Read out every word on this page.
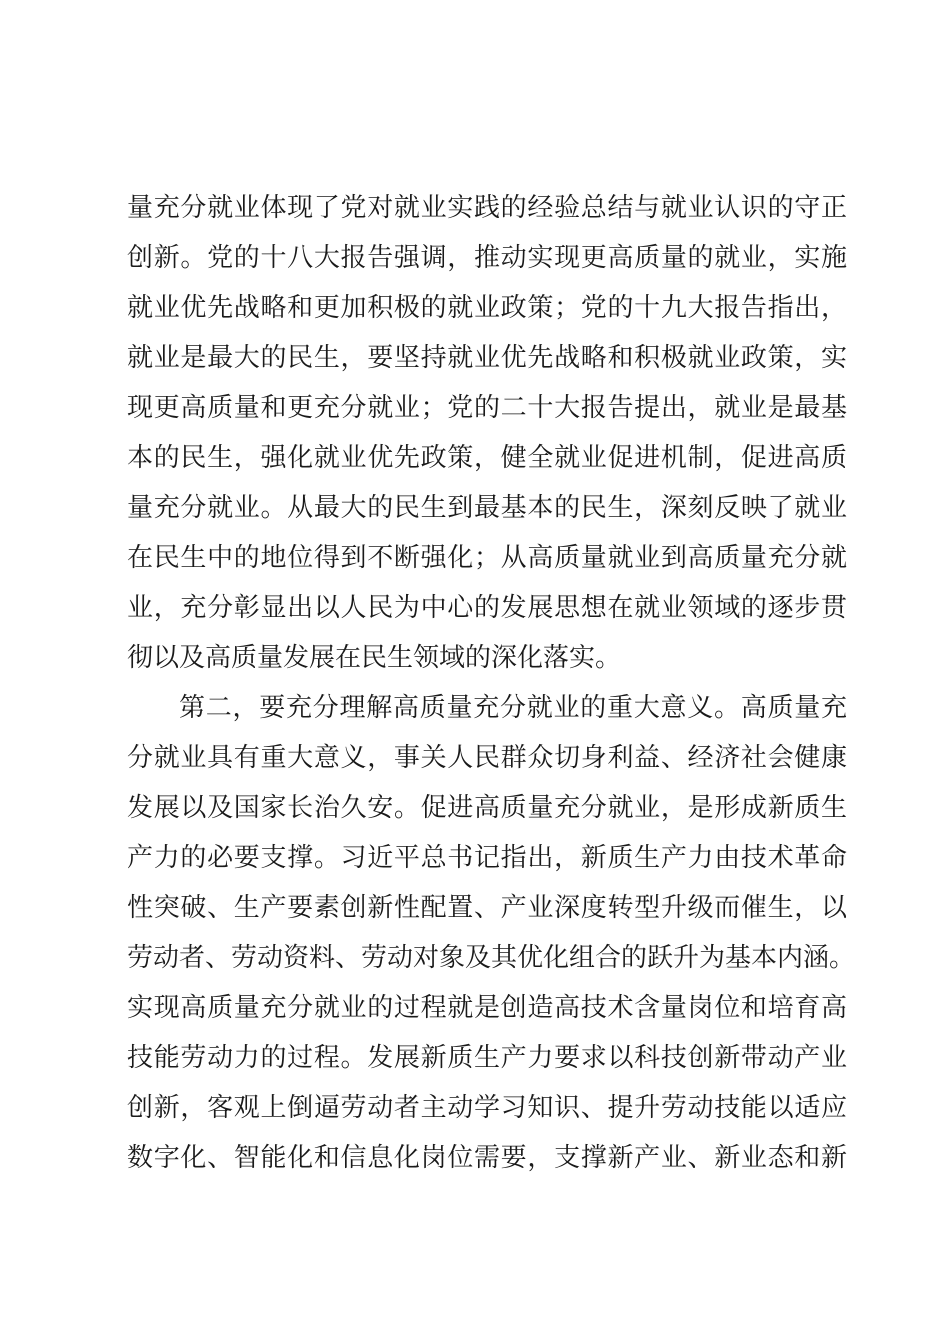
量充分就业体现了党对就业实践的经验总结与就业认识的守正
创新。党的十八大报告强调，推动实现更高质量的就业，实施
就业优先战略和更加积极的就业政策；党的十九大报告指出，
就业是最大的民生，要坚持就业优先战略和积极就业政策，实
现更高质量和更充分就业；党的二十大报告提出，就业是最基
本的民生，强化就业优先政策，健全就业促进机制，促进高质
量充分就业。从最大的民生到最基本的民生，深刻反映了就业
在民生中的地位得到不断强化；从高质量就业到高质量充分就
业，充分彰显出以人民为中心的发展思想在就业领域的逐步贯
彻以及高质量发展在民生领域的深化落实。
第二，要充分理解高质量充分就业的重大意义。高质量充
分就业具有重大意义，事关人民群众切身利益、经济社会健康
发展以及国家长治久安。促进高质量充分就业，是形成新质生
产力的必要支撑。习近平总书记指出，新质生产力由技术革命
性突破、生产要素创新性配置、产业深度转型升级而催生，以
劳动者、劳动资料、劳动对象及其优化组合的跃升为基本内涵。
实现高质量充分就业的过程就是创造高技术含量岗位和培育高
技能劳动力的过程。发展新质生产力要求以科技创新带动产业
创新，客观上倒逼劳动者主动学习知识、提升劳动技能以适应
数字化、智能化和信息化岗位需要，支撑新产业、新业态和新
